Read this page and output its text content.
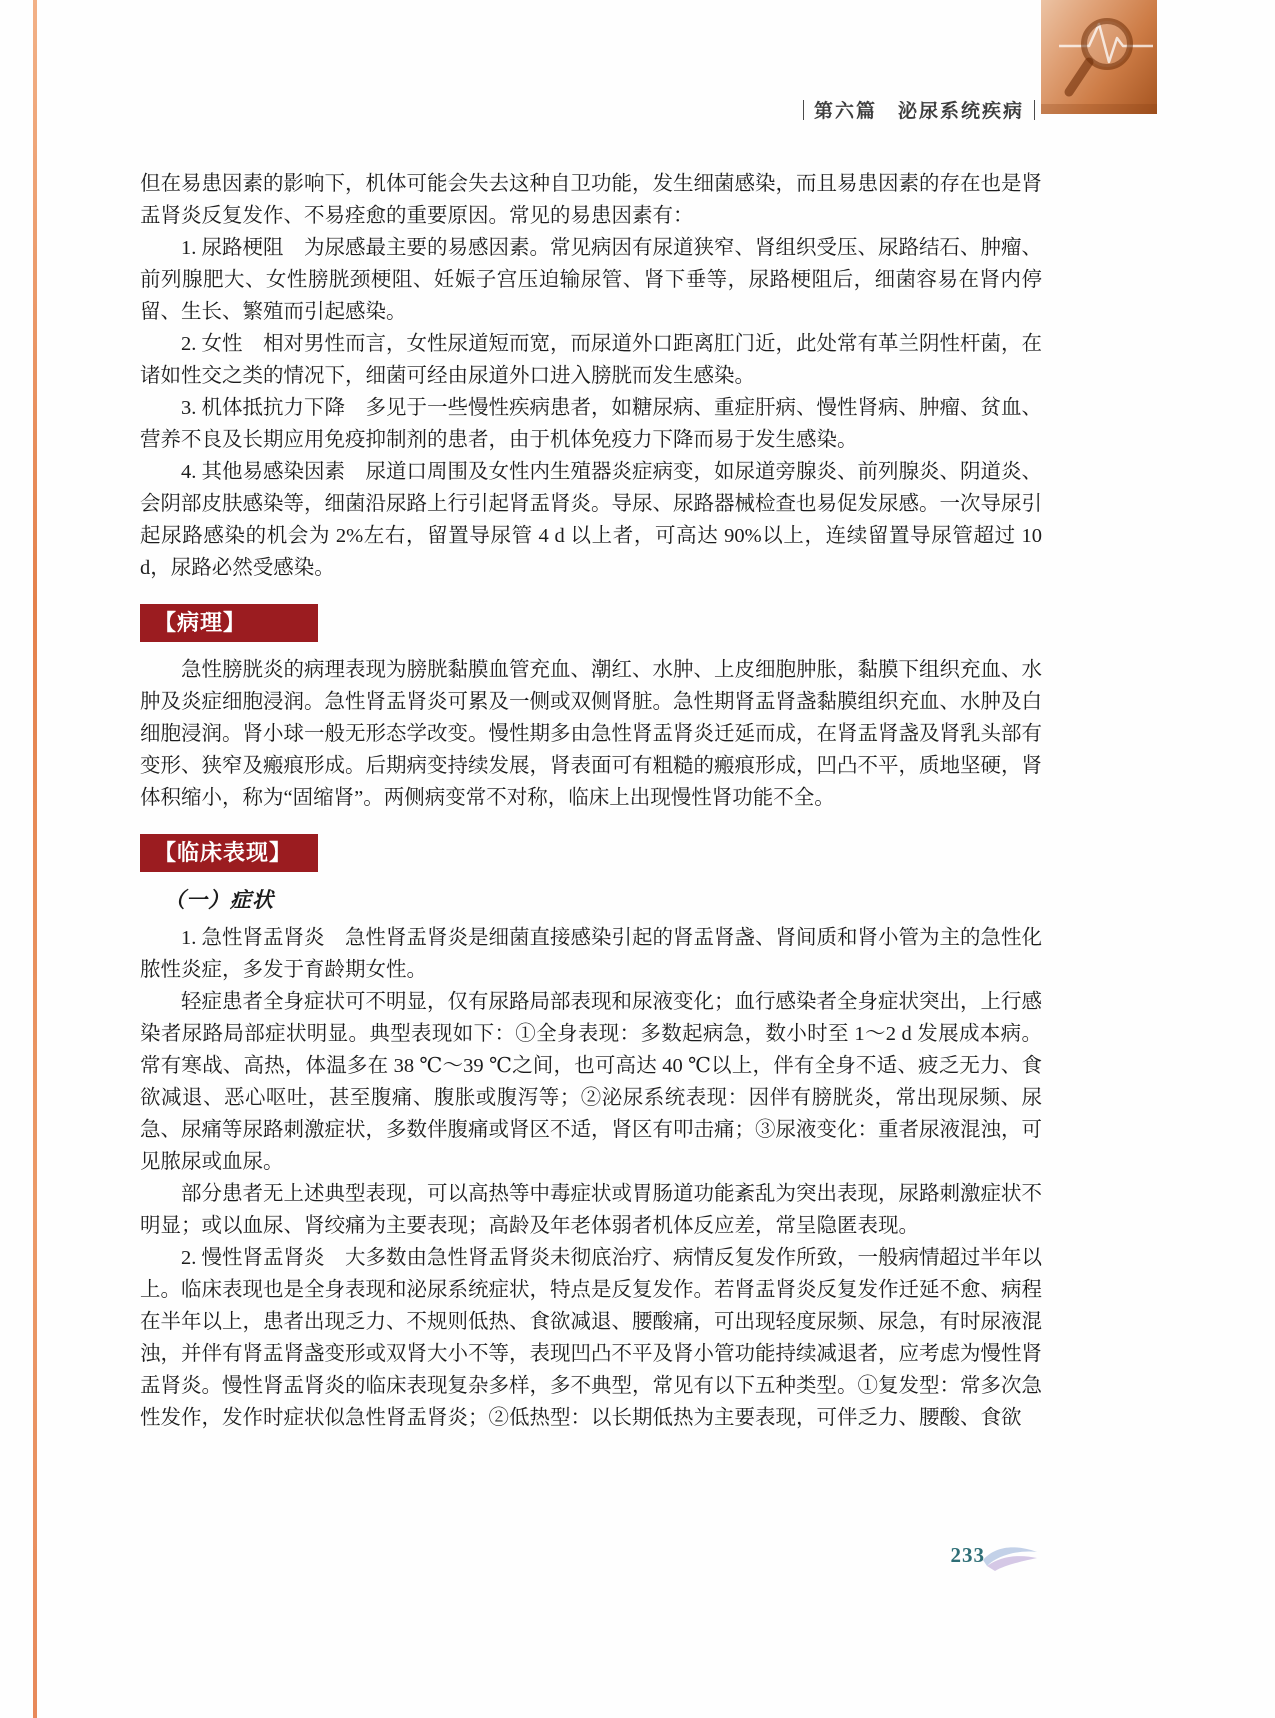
第六篇　泌尿系统疾病

但在易患因素的影响下，机体可能会失去这种自卫功能，发生细菌感染，而且易患因素的存在也是肾盂肾炎反复发作、不易痊愈的重要原因。常见的易患因素有：

1. 尿路梗阻　为尿感最主要的易感因素。常见病因有尿道狭窄、肾组织受压、尿路结石、肿瘤、前列腺肥大、女性膀胱颈梗阻、妊娠子宫压迫输尿管、肾下垂等，尿路梗阻后，细菌容易在肾内停留、生长、繁殖而引起感染。

2. 女性　相对男性而言，女性尿道短而宽，而尿道外口距离肛门近，此处常有革兰阴性杆菌，在诸如性交之类的情况下，细菌可经由尿道外口进入膀胱而发生感染。

3. 机体抵抗力下降　多见于一些慢性疾病患者，如糖尿病、重症肝病、慢性肾病、肿瘤、贫血、营养不良及长期应用免疫抑制剂的患者，由于机体免疫力下降而易于发生感染。

4. 其他易感染因素　尿道口周围及女性内生殖器炎症病变，如尿道旁腺炎、前列腺炎、阴道炎、会阴部皮肤感染等，细菌沿尿路上行引起肾盂肾炎。导尿、尿路器械检查也易促发尿感。一次导尿引起尿路感染的机会为 2%左右，留置导尿管 4 d 以上者，可高达 90%以上，连续留置导尿管超过 10 d，尿路必然受感染。

【病理】

急性膀胱炎的病理表现为膀胱黏膜血管充血、潮红、水肿、上皮细胞肿胀，黏膜下组织充血、水肿及炎症细胞浸润。急性肾盂肾炎可累及一侧或双侧肾脏。急性期肾盂肾盏黏膜组织充血、水肿及白细胞浸润。肾小球一般无形态学改变。慢性期多由急性肾盂肾炎迁延而成，在肾盂肾盏及肾乳头部有变形、狭窄及瘢痕形成。后期病变持续发展，肾表面可有粗糙的瘢痕形成，凹凸不平，质地坚硬，肾体积缩小，称为“固缩肾”。两侧病变常不对称，临床上出现慢性肾功能不全。

【临床表现】
（一）症状

1. 急性肾盂肾炎　急性肾盂肾炎是细菌直接感染引起的肾盂肾盏、肾间质和肾小管为主的急性化脓性炎症，多发于育龄期女性。

轻症患者全身症状可不明显，仅有尿路局部表现和尿液变化；血行感染者全身症状突出，上行感染者尿路局部症状明显。典型表现如下：①全身表现：多数起病急，数小时至 1～2 d 发展成本病。常有寒战、高热，体温多在 38 ℃～39 ℃之间，也可高达 40 ℃以上，伴有全身不适、疲乏无力、食欲减退、恶心呕吐，甚至腹痛、腹胀或腹泻等；②泌尿系统表现：因伴有膀胱炎，常出现尿频、尿急、尿痛等尿路刺激症状，多数伴腹痛或肾区不适，肾区有叩击痛；③尿液变化：重者尿液混浊，可见脓尿或血尿。

部分患者无上述典型表现，可以高热等中毒症状或胃肠道功能紊乱为突出表现，尿路刺激症状不明显；或以血尿、肾绞痛为主要表现；高龄及年老体弱者机体反应差，常呈隐匿表现。

2. 慢性肾盂肾炎　大多数由急性肾盂肾炎未彻底治疗、病情反复发作所致，一般病情超过半年以上。临床表现也是全身表现和泌尿系统症状，特点是反复发作。若肾盂肾炎反复发作迁延不愈、病程在半年以上，患者出现乏力、不规则低热、食欲减退、腰酸痛，可出现轻度尿频、尿急，有时尿液混浊，并伴有肾盂肾盏变形或双肾大小不等，表现凹凸不平及肾小管功能持续减退者，应考虑为慢性肾盂肾炎。慢性肾盂肾炎的临床表现复杂多样，多不典型，常见有以下五种类型。①复发型：常多次急性发作，发作时症状似急性肾盂肾炎；②低热型：以长期低热为主要表现，可伴乏力、腰酸、食欲

233
